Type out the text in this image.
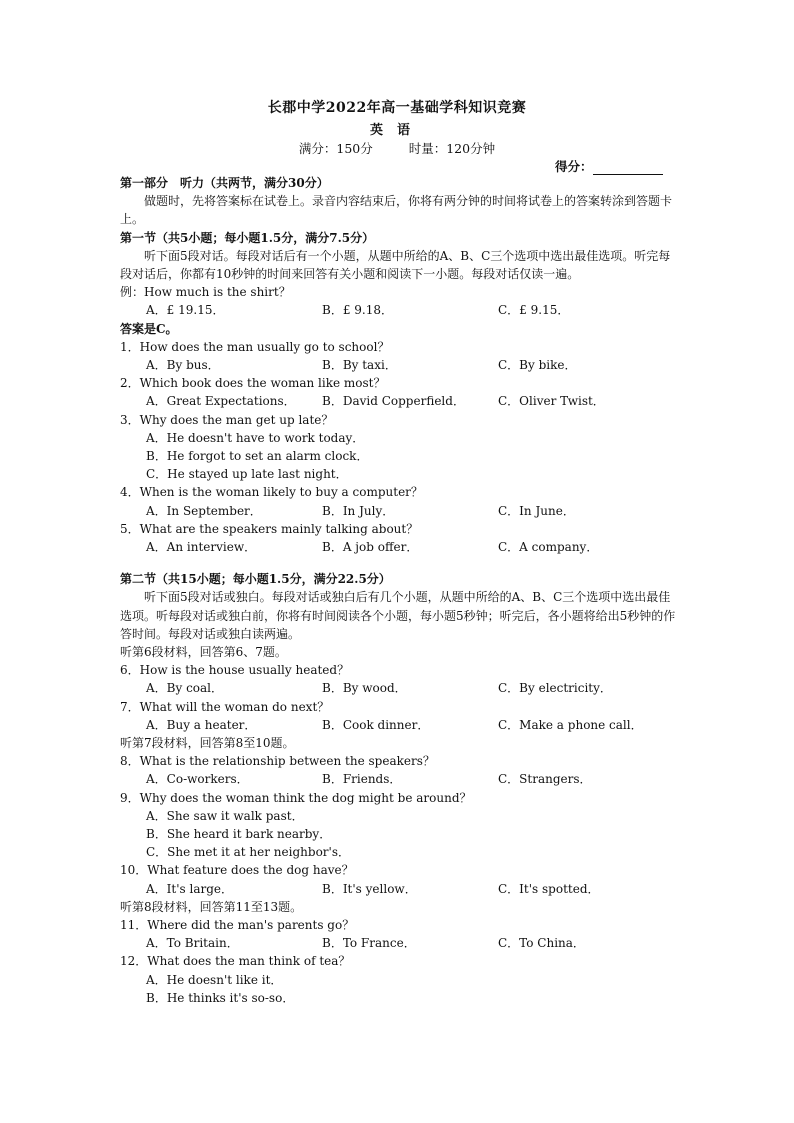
长郡中学2022年高一基础学科知识竞赛
英语
满分：150分	时量：120分钟
得分：

第一部分　听力（共两节，满分30分）

做题时，先将答案标在试卷上。录音内容结束后，你将有两分钟的时间将试卷上的答案转涂到答题卡上。

第一节（共5小题；每小题1.5分，满分7.5分）

听下面5段对话。每段对话后有一个小题，从题中所给的A、B、C三个选项中选出最佳选项。听完每段对话后，你都有10秒钟的时间来回答有关小题和阅读下一小题。每段对话仅读一遍。

例：How much is the shirt？

A．£ 19.15．	B．£ 9.18．	C．£ 9.15．

答案是C。

1．How does the man usually go to school？

A．By bus．	B．By taxi．	C．By bike．

2．Which book does the woman like most？

A．Great Expectations． B．David Copperfield．	C．Oliver Twist．

3．Why does the man get up late？

A．He doesn't have to work today．

B．He forgot to set an alarm clock．

C．He stayed up late last night．

4．When is the woman likely to buy a computer？

A．In September．	B．In July．	C．In June．

5．What are the speakers mainly talking about？

A．An interview．	B．A job offer．	C．A company．

第二节（共15小题；每小题1.5分，满分22.5分）

听下面5段对话或独白。每段对话或独白后有几个小题，从题中所给的A、B、C三个选项中选出最佳选项。听每段对话或独白前，你将有时间阅读各个小题，每小题5秒钟；听完后，各小题将给出5秒钟的作答时间。每段对话或独白读两遍。

听第6段材料，回答第6、7题。

6．How is the house usually heated？

A．By coal．	B．By wood．	C．By electricity．

7．What will the woman do next？

A．Buy a heater．	B．Cook dinner．	C．Make a phone call．

听第7段材料，回答第8至10题。

8．What is the relationship between the speakers？

A．Co-workers．	B．Friends．	C．Strangers．

9．Why does the woman think the dog might be around？

A．She saw it walk past．

B．She heard it bark nearby．

C．She met it at her neighbor's．

10．What feature does the dog have？

A．It's large．	B．It's yellow．	C．It's spotted．

听第8段材料，回答第11至13题。

11．Where did the man's parents go？

A．To Britain．	B．To France．	C．To China．

12．What does the man think of tea？

A．He doesn't like it．

B．He thinks it's so-so．
